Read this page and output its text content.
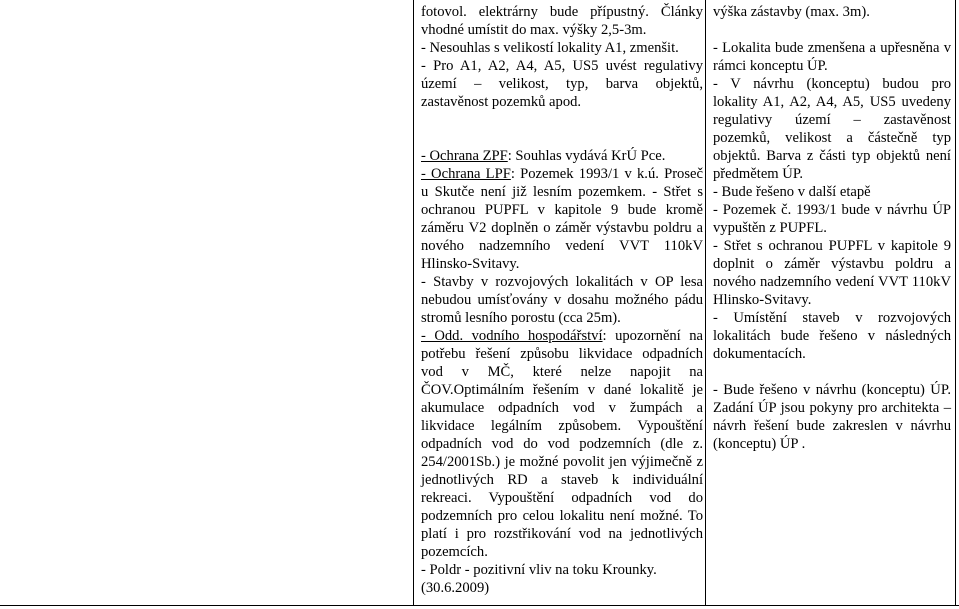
fotovol. elektrárny bude přípustný. Články vhodné umístit do max. výšky 2,5-3m.

- Nesouhlas s velikostí lokality A1, zmenšit.

- Pro A1, A2, A4, A5, US5 uvést regulativy území – velikost, typ, barva objektů, zastavěnost pozemků apod.

- Ochrana ZPF: Souhlas vydává KrÚ Pce.

- Ochrana LPF: Pozemek 1993/1 v k.ú. Proseč u Skutče není již lesním pozemkem. - Střet s ochranou PUPFL v kapitole 9 bude kromě záměru V2 doplněn o záměr výstavbu poldru a nového nadzemního vedení VVT 110kV Hlinsko-Svitavy.

- Stavby v rozvojových lokalitách v OP lesa nebudou umísťovány v dosahu možného pádu stromů lesního porostu (cca 25m).

- Odd. vodního hospodářství: upozornění na potřebu řešení způsobu likvidace odpadních vod v MČ, které nelze napojit na ČOV.Optimálním řešením v dané lokalitě je akumulace odpadních vod v žumpách a likvidace legálním způsobem. Vypouštění odpadních vod do vod podzemních (dle z. 254/2001Sb.) je možné povolit jen výjimečně z jednotlivých RD a staveb k individuální rekreaci. Vypouštění odpadních vod do podzemních pro celou lokalitu není možné. To platí i pro rozstřikování vod na jednotlivých pozemcích.

- Poldr - pozitivní vliv na toku Krounky.

(30.6.2009)

výška zástavby (max. 3m).

- Lokalita bude zmenšena a upřesněna v rámci konceptu ÚP.

- V návrhu (konceptu) budou pro lokality A1, A2, A4, A5, US5 uvedeny regulativy území – zastavěnost pozemků, velikost a částečně typ objektů. Barva z části typ objektů není předmětem ÚP.

- Bude řešeno v další etapě

- Pozemek č. 1993/1 bude v návrhu ÚP vypuštěn z PUPFL.

- Střet s ochranou PUPFL v kapitole 9 doplnit o záměr výstavbu poldru a nového nadzemního vedení VVT 110kV Hlinsko-Svitavy.

- Umístění staveb v rozvojových lokalitách bude řešeno v následných dokumentacích.

- Bude řešeno v návrhu (konceptu) ÚP. Zadání ÚP jsou pokyny pro architekta – návrh řešení bude zakreslen v návrhu (konceptu) ÚP .
